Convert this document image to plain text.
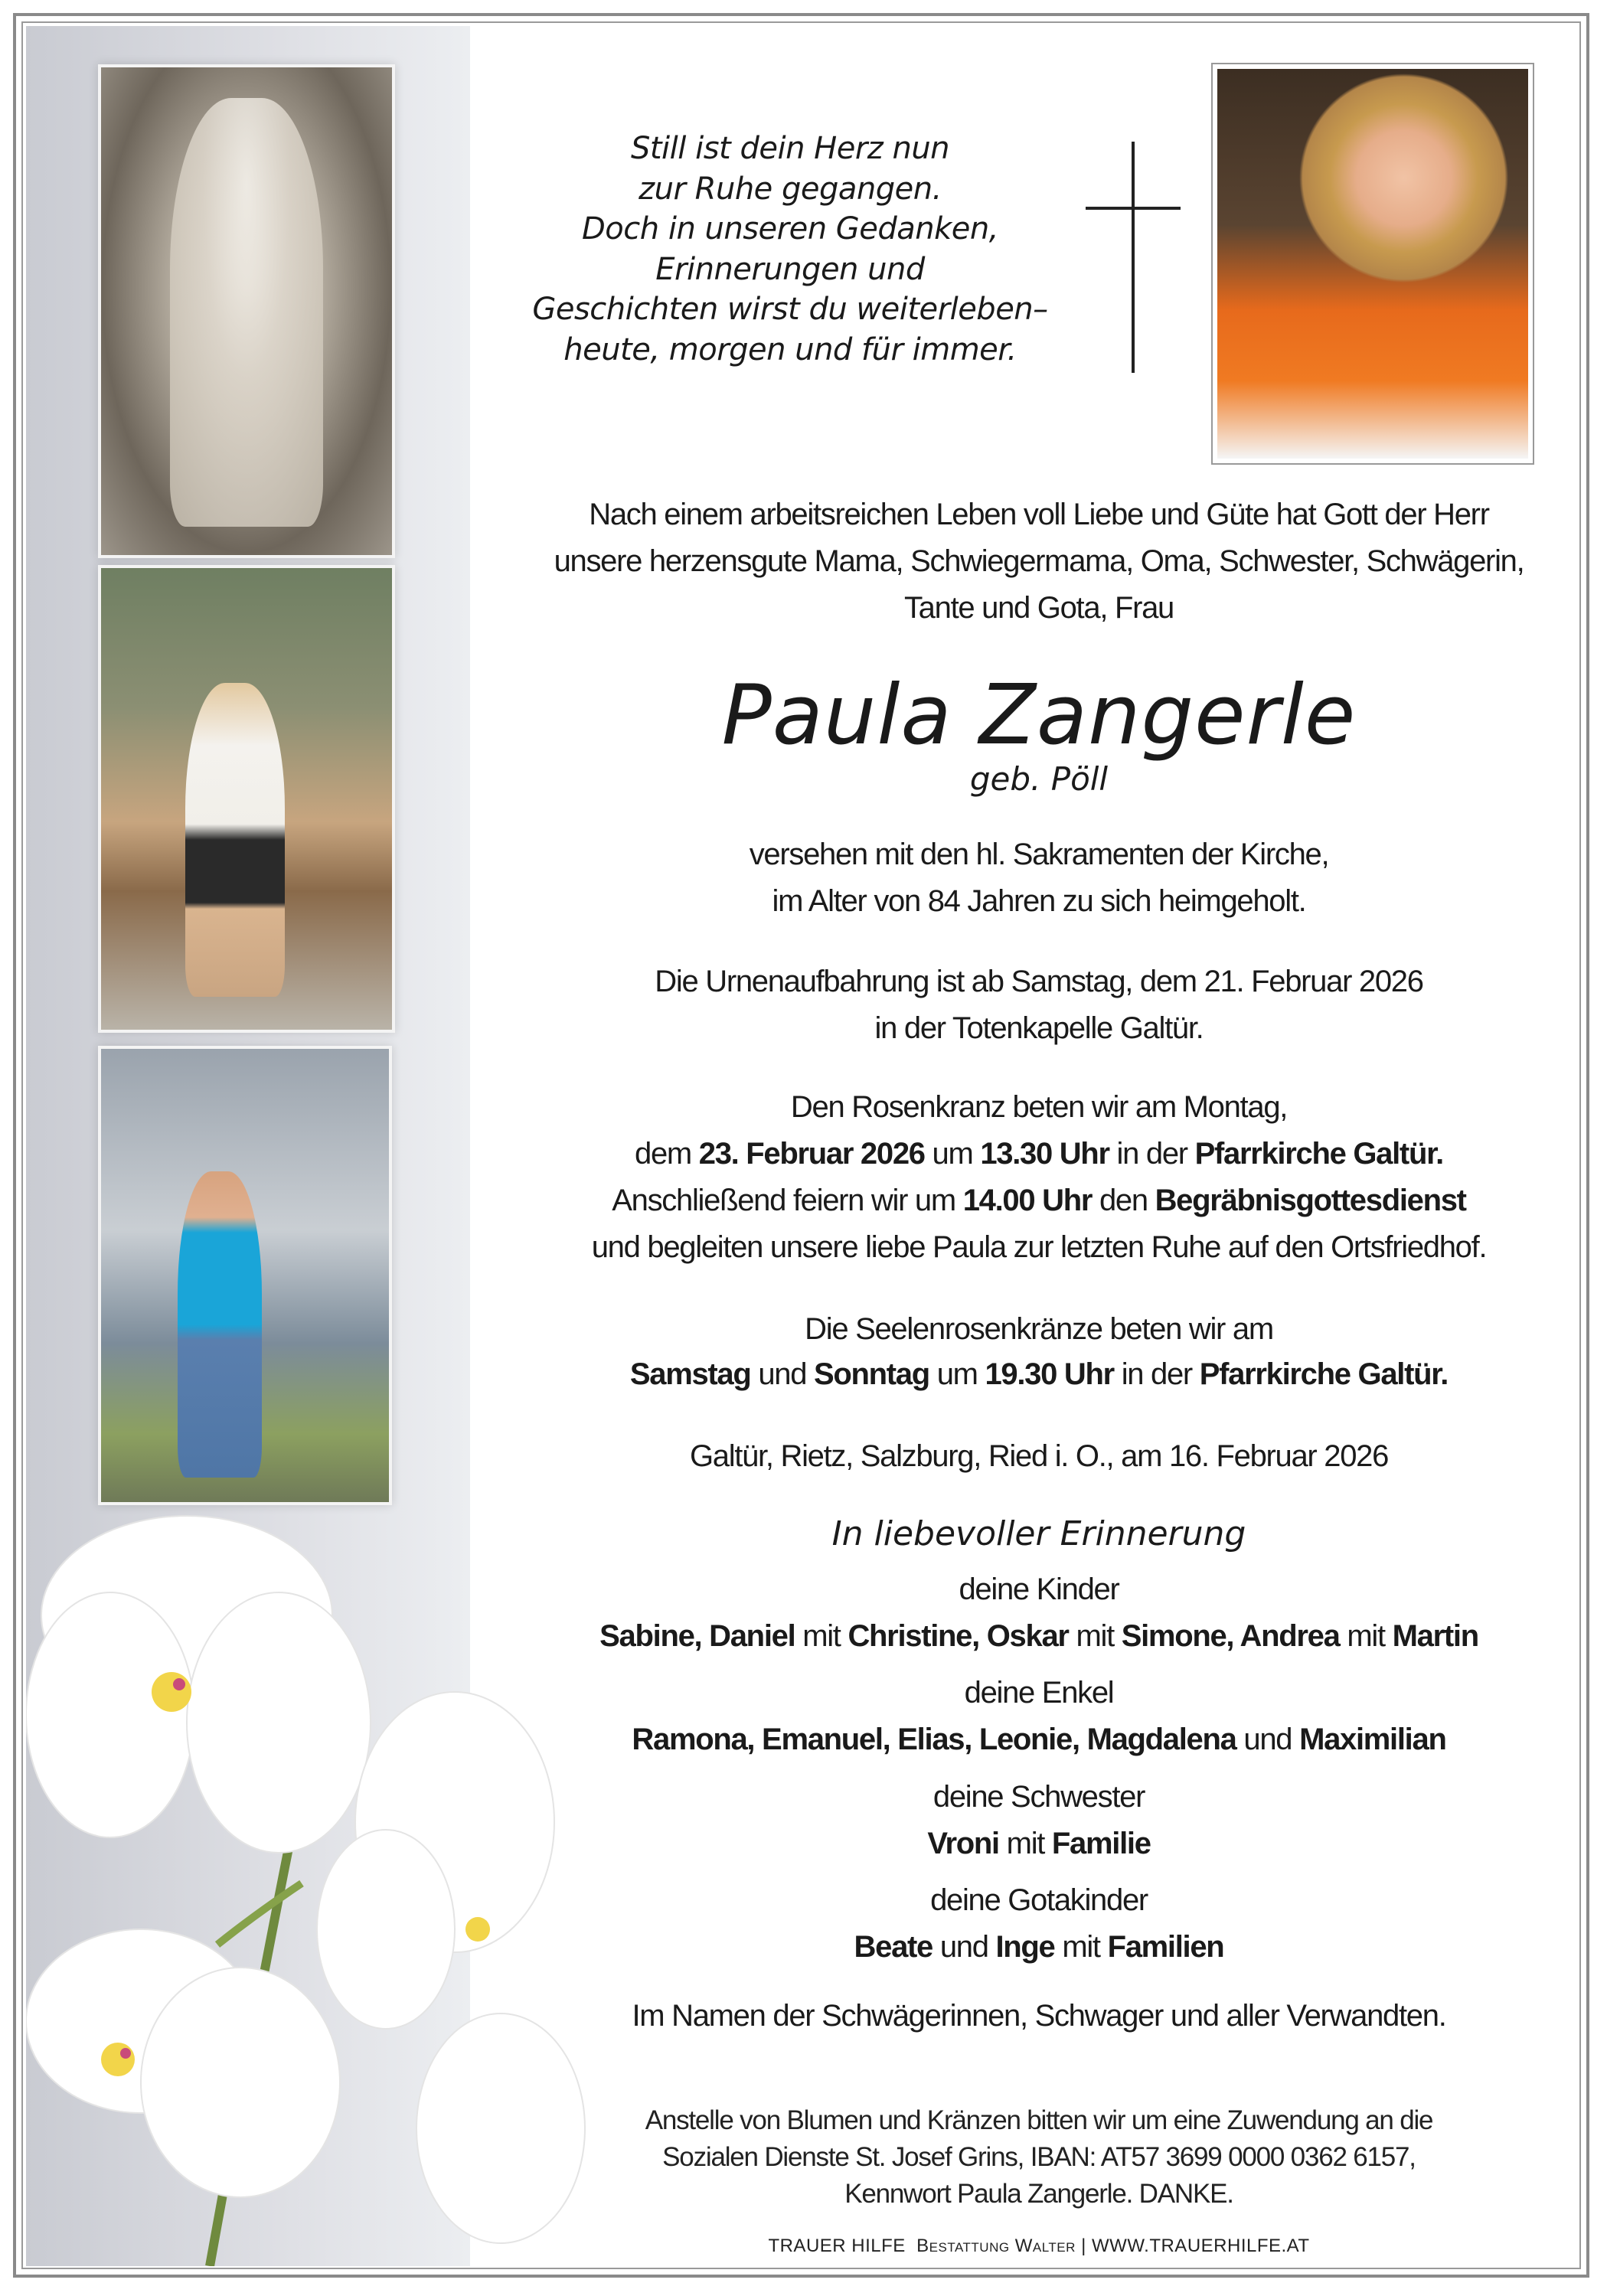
Still ist dein Herz nun
zur Ruhe gegangen.
Doch in unseren Gedanken,
Erinnerungen und
Geschichten wirst du weiterleben–
heute, morgen und für immer.
Nach einem arbeitsreichen Leben voll Liebe und Güte hat Gott der Herr
unsere herzensgute Mama, Schwiegermama, Oma, Schwester, Schwägerin,
Tante und Gota, Frau
Paula Zangerle
geb. Pöll
versehen mit den hl. Sakramenten der Kirche,
im Alter von 84 Jahren zu sich heimgeholt.
Die Urnenaufbahrung ist ab Samstag, dem 21. Februar 2026
in der Totenkapelle Galtür.
Den Rosenkranz beten wir am Montag,
dem 23. Februar 2026 um 13.30 Uhr in der Pfarrkirche Galtür.
Anschließend feiern wir um 14.00 Uhr den Begräbnisgottesdienst
und begleiten unsere liebe Paula zur letzten Ruhe auf den Ortsfriedhof.
Die Seelenrosenkränze beten wir am
Samstag und Sonntag um 19.30 Uhr in der Pfarrkirche Galtür.
Galtür, Rietz, Salzburg, Ried i. O., am 16. Februar 2026
In liebevoller Erinnerung
deine Kinder
Sabine, Daniel mit Christine, Oskar mit Simone, Andrea mit Martin
deine Enkel
Ramona, Emanuel, Elias, Leonie, Magdalena und Maximilian
deine Schwester
Vroni mit Familie
deine Gotakinder
Beate und Inge mit Familien
Im Namen der Schwägerinnen, Schwager und aller Verwandten.
Anstelle von Blumen und Kränzen bitten wir um eine Zuwendung an die
Sozialen Dienste St. Josef Grins, IBAN: AT57 3699 0000 0362 6157,
Kennwort Paula Zangerle. DANKE.
TRAUER HILFE Bestattung Walter | WWW.TRAUERHILFE.AT
